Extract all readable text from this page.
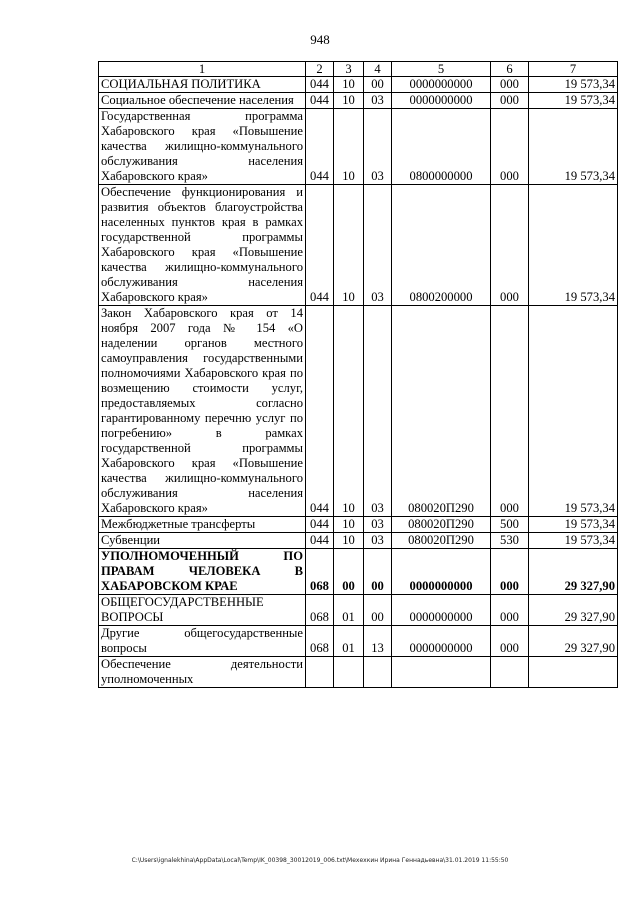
948
1	2	3	4	5	6	7
СОЦИАЛЬНАЯ ПОЛИТИКА	044	10	00	0000000000	000	19 573,34
Социальное обеспечение населения	044	10	03	0000000000	000	19 573,34
Государственная программа Хабаровского края «Повышение качества жилищно-коммунального обслуживания населения Хабаровского края»	044	10	03	0800000000	000	19 573,34
Обеспечение функционирования и развития объектов благоустройства населенных пунктов края в рамках государственной программы Хабаровского края «Повышение качества жилищно-коммунального обслуживания населения Хабаровского края»	044	10	03	0800200000	000	19 573,34
Закон Хабаровского края от 14 ноября 2007 года № 154 «О наделении органов местного самоуправления государственными полномочиями Хабаровского края по возмещению стоимости услуг, предоставляемых согласно гарантированному перечню услуг по погребению» в рамках государственной программы Хабаровского края «Повышение качества жилищно-коммунального обслуживания населения Хабаровского края»	044	10	03	080020П290	000	19 573,34
Межбюджетные трансферты	044	10	03	080020П290	500	19 573,34
Субвенции	044	10	03	080020П290	530	19 573,34
УПОЛНОМОЧЕННЫЙ ПО ПРАВАМ ЧЕЛОВЕКА В ХАБАРОВСКОМ КРАЕ	068	00	00	0000000000	000	29 327,90
ОБЩЕГОСУДАРСТВЕННЫЕ ВОПРОСЫ	068	01	00	0000000000	000	29 327,90
Другие общегосударственные вопросы	068	01	13	0000000000	000	29 327,90
Обеспечение деятельности уполномоченных						
C:\Users\ignalekhina\AppData\Local\Temp\IK_00398_30012019_006.txt\Мехехкин Ирина Геннадьевна\31.01.2019 11:55:50
